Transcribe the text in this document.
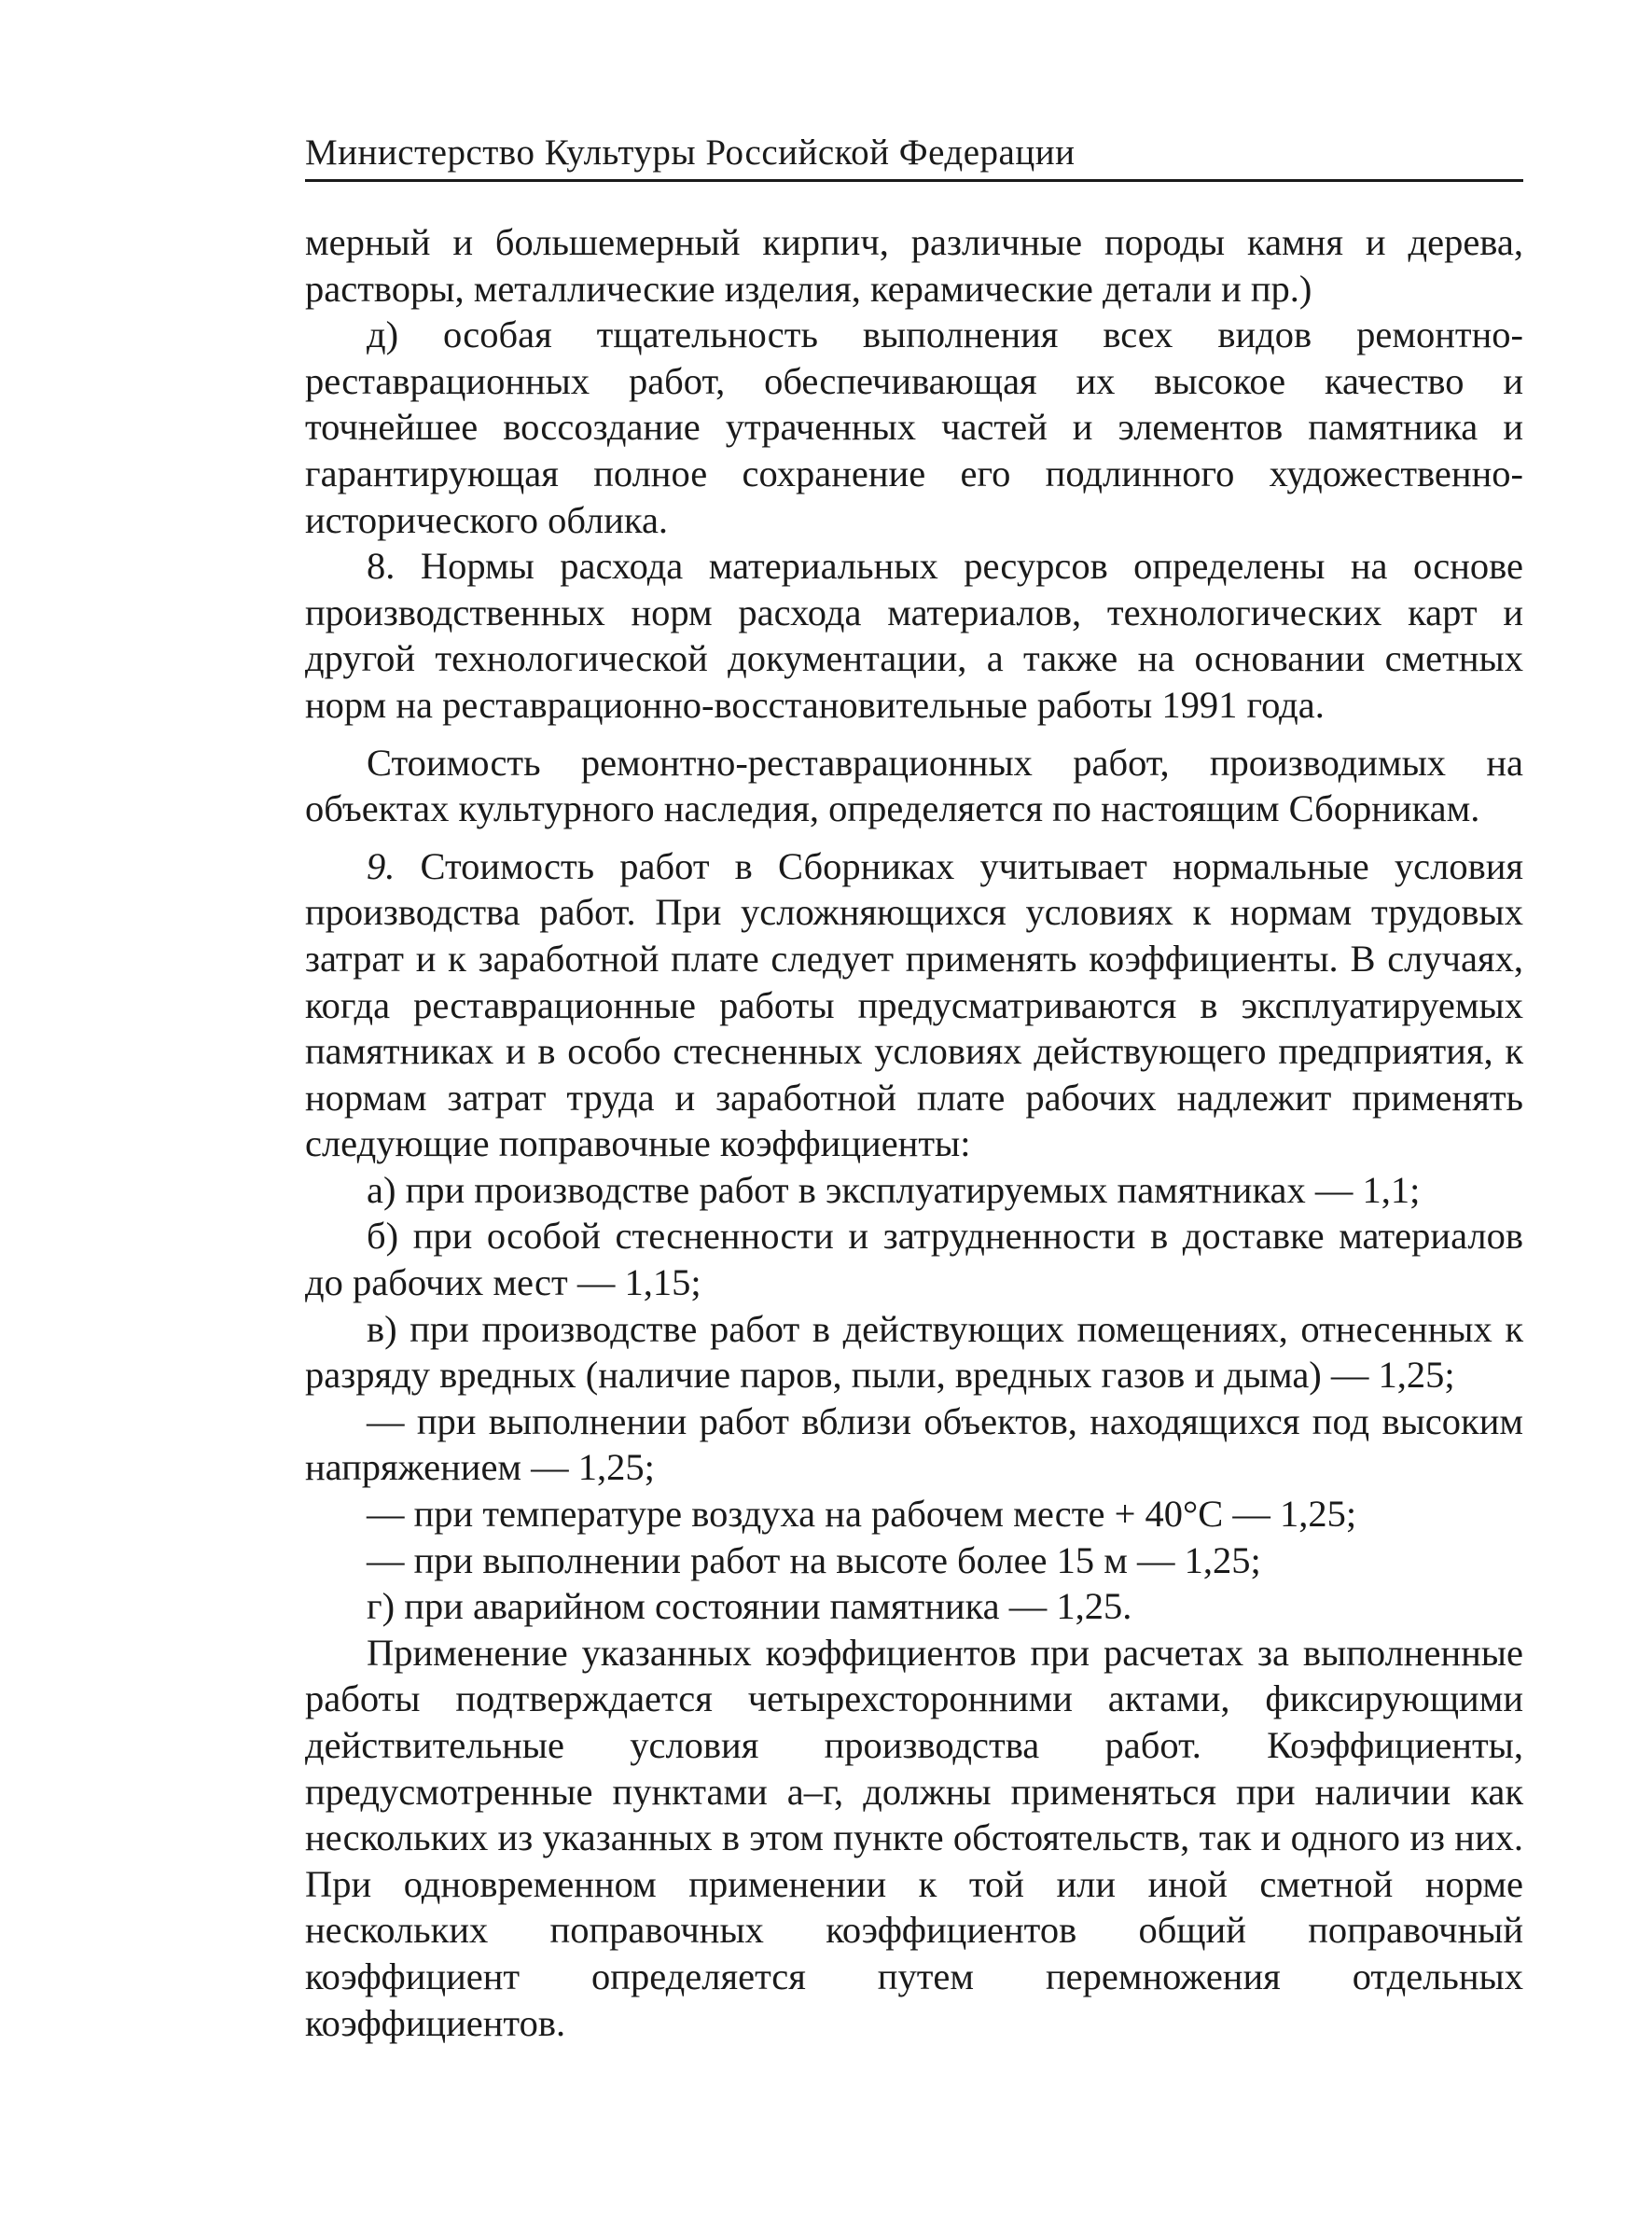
Министерство Культуры Российской Федерации

мерный и большемерный кирпич, различные породы камня и дерева, растворы, металлические изделия, керамические детали и пр.)

д) особая тщательность выполнения всех видов ремонтно-реставрационных работ, обеспечивающая их высокое качество и точнейшее воссоздание утраченных частей и элементов памятника и гарантирующая полное сохранение его подлинного художественно-исторического облика.

8. Нормы расхода материальных ресурсов определены на основе производственных норм расхода материалов, технологических карт и другой технологической документации, а также на основании сметных норм на реставрационно-восстановительные работы 1991 года.

Стоимость ремонтно-реставрационных работ, производимых на объектах культурного наследия, определяется по настоящим Сборникам.

9. Стоимость работ в Сборниках учитывает нормальные условия производства работ. При усложняющихся условиях к нормам трудовых затрат и к заработной плате следует применять коэффициенты. В случаях, когда реставрационные работы предусматриваются в эксплуатируемых памятниках и в особо стесненных условиях действующего предприятия, к нормам затрат труда и заработной плате рабочих надлежит применять следующие поправочные коэффициенты:

а) при производстве работ в эксплуатируемых памятниках — 1,1;

б) при особой стесненности и затрудненности в доставке материалов до рабочих мест — 1,15;

в) при производстве работ в действующих помещениях, отнесенных к разряду вредных (наличие паров, пыли, вредных газов и дыма) — 1,25;

— при выполнении работ вблизи объектов, находящихся под высоким напряжением — 1,25;

— при температуре воздуха на рабочем месте + 40°С — 1,25;

— при выполнении работ на высоте более 15 м — 1,25;

г) при аварийном состоянии памятника — 1,25.

Применение указанных коэффициентов при расчетах за выполненные работы подтверждается четырехсторонними актами, фиксирующими действительные условия производства работ. Коэффициенты, предусмотренные пунктами а–г, должны применяться при наличии как нескольких из указанных в этом пункте обстоятельств, так и одного из них. При одновременном применении к той или иной сметной норме нескольких поправочных коэффициентов общий поправочный коэффициент определяется путем перемножения отдельных коэффициентов.
